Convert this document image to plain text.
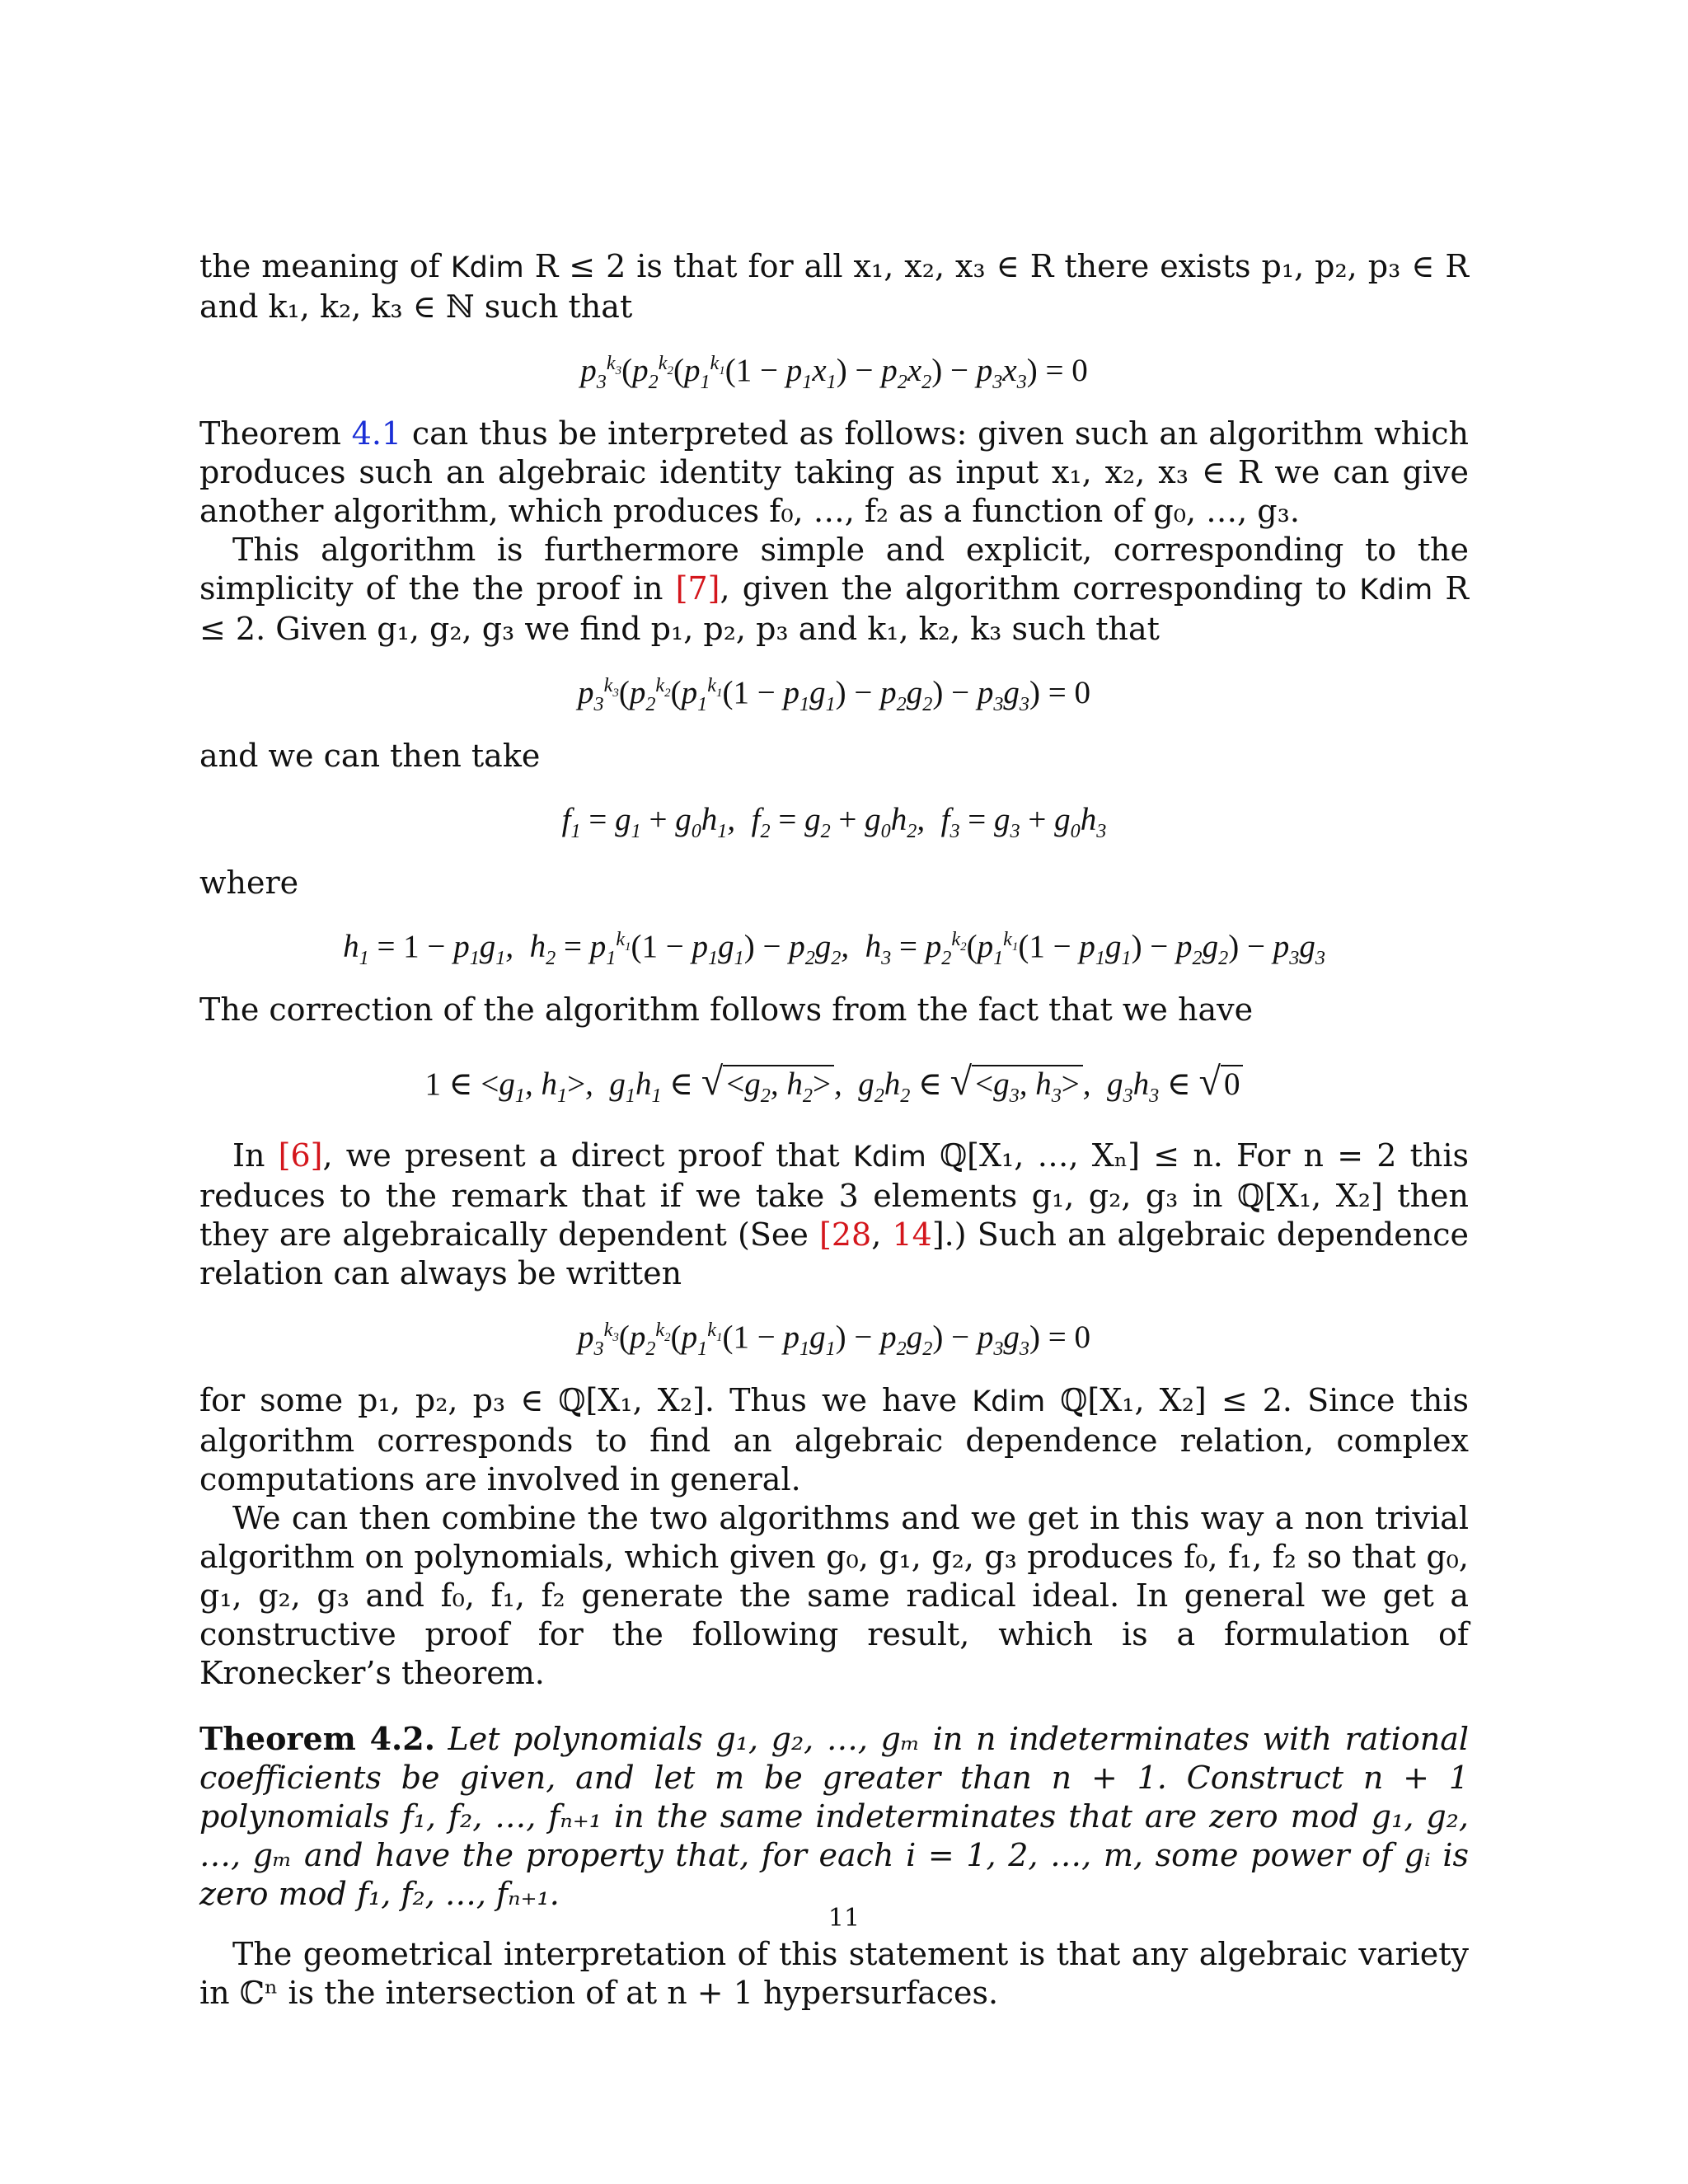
the meaning of Kdim R ≤ 2 is that for all x₁, x₂, x₃ ∈ R there exists p₁, p₂, p₃ ∈ R and k₁, k₂, k₃ ∈ ℕ such that

$p_3^{k_3}(p_2^{k_2}(p_1^{k_1}(1 - p_1x_1) - p_2x_2) - p_3x_3) = 0$

Theorem 4.1 can thus be interpreted as follows: given such an algorithm which produces such an algebraic identity taking as input x₁, x₂, x₃ ∈ R we can give another algorithm, which produces f₀, …, f₂ as a function of g₀, …, g₃.

This algorithm is furthermore simple and explicit, corresponding to the simplicity of the the proof in [7], given the algorithm corresponding to Kdim R ≤ 2. Given g₁, g₂, g₃ we find p₁, p₂, p₃ and k₁, k₂, k₃ such that

$p_3^{k_3}(p_2^{k_2}(p_1^{k_1}(1 - p_1g_1) - p_2g_2) - p_3g_3) = 0$

and we can then take

$f_1 = g_1 + g_0h_1$,  $f_2 = g_2 + g_0h_2$,  $f_3 = g_3 + g_0h_3$

where

$h_1 = 1 - p_1g_1$,  $h_2 = p_1^{k_1}(1 - p_1g_1) - p_2g_2$,  $h_3 = p_2^{k_2}(p_1^{k_1}(1 - p_1g_1) - p_2g_2) - p_3g_3$

The correction of the algorithm follows from the fact that we have

1 ∈ $<g_1$, $h_1>$,  $g_1h_1$ ∈ √ $<g_2$, $h_2>$ ,  $g_2h_2$ ∈ √ $<g_3$, $h_3>$ ,  $g_3h_3$ ∈ √ 0

In [6], we present a direct proof that Kdim ℚ[X₁, …, Xₙ] ≤ n. For n = 2 this reduces to the remark that if we take 3 elements g₁, g₂, g₃ in ℚ[X₁, X₂] then they are algebraically dependent (See [28, 14].) Such an algebraic dependence relation can always be written

$p_3^{k_3}(p_2^{k_2}(p_1^{k_1}(1 - p_1g_1) - p_2g_2) - p_3g_3) = 0$

for some p₁, p₂, p₃ ∈ ℚ[X₁, X₂]. Thus we have Kdim ℚ[X₁, X₂] ≤ 2. Since this algorithm corresponds to find an algebraic dependence relation, complex computations are involved in general.

We can then combine the two algorithms and we get in this way a non trivial algorithm on polynomials, which given g₀, g₁, g₂, g₃ produces f₀, f₁, f₂ so that g₀, g₁, g₂, g₃ and f₀, f₁, f₂ generate the same radical ideal. In general we get a constructive proof for the following result, which is a formulation of Kronecker’s theorem.

Theorem 4.2. Let polynomials g₁, g₂, …, gₘ in n indeterminates with rational coefficients be given, and let m be greater than n + 1. Construct n + 1 polynomials f₁, f₂, …, fₙ₊₁ in the same indeterminates that are zero mod g₁, g₂, …, gₘ and have the property that, for each i = 1, 2, …, m, some power of gᵢ is zero mod f₁, f₂, …, fₙ₊₁.

The geometrical interpretation of this statement is that any algebraic variety in ℂⁿ is the intersection of at n + 1 hypersurfaces.

11
